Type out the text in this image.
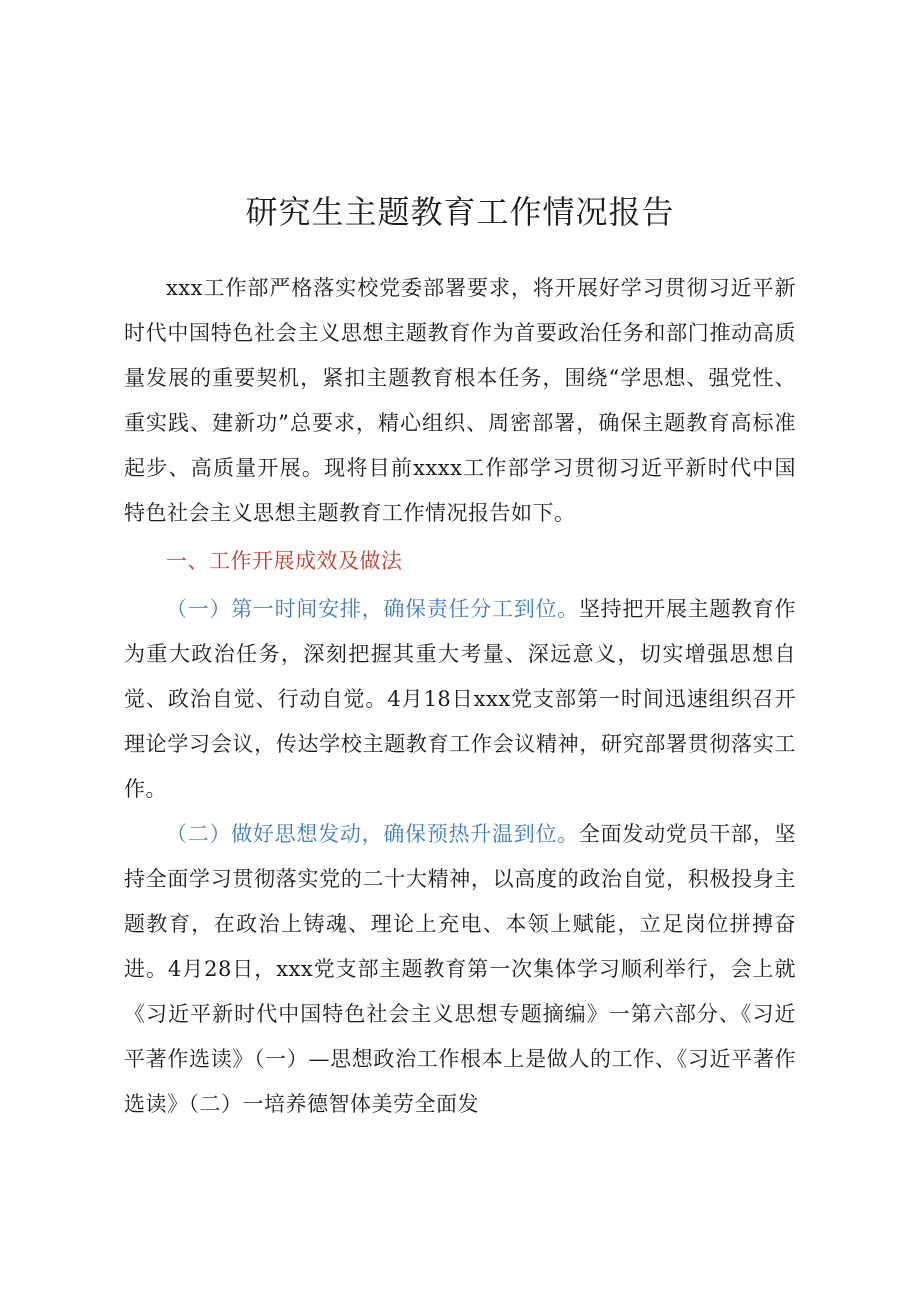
研究生主题教育工作情况报告

xxx工作部严格落实校党委部署要求，将开展好学习贯彻习近平新时代中国特色社会主义思想主题教育作为首要政治任务和部门推动高质量发展的重要契机，紧扣主题教育根本任务，围绕“学思想、强党性、重实践、建新功”总要求，精心组织、周密部署，确保主题教育高标准起步、高质量开展。现将目前xxxx工作部学习贯彻习近平新时代中国特色社会主义思想主题教育工作情况报告如下。

一、工作开展成效及做法

（一）第一时间安排，确保责任分工到位。坚持把开展主题教育作为重大政治任务，深刻把握其重大考量、深远意义，切实增强思想自觉、政治自觉、行动自觉。4月18日xxx党支部第一时间迅速组织召开理论学习会议，传达学校主题教育工作会议精神，研究部署贯彻落实工作。

（二）做好思想发动，确保预热升温到位。全面发动党员干部，坚持全面学习贯彻落实党的二十大精神，以高度的政治自觉，积极投身主题教育，在政治上铸魂、理论上充电、本领上赋能，立足岗位拼搏奋进。4月28日，xxx党支部主题教育第一次集体学习顺利举行，会上就《习近平新时代中国特色社会主义思想专题摘编》一第六部分、《习近平著作选读》（一）—思想政治工作根本上是做人的工作、《习近平著作选读》（二）一培养德智体美劳全面发
